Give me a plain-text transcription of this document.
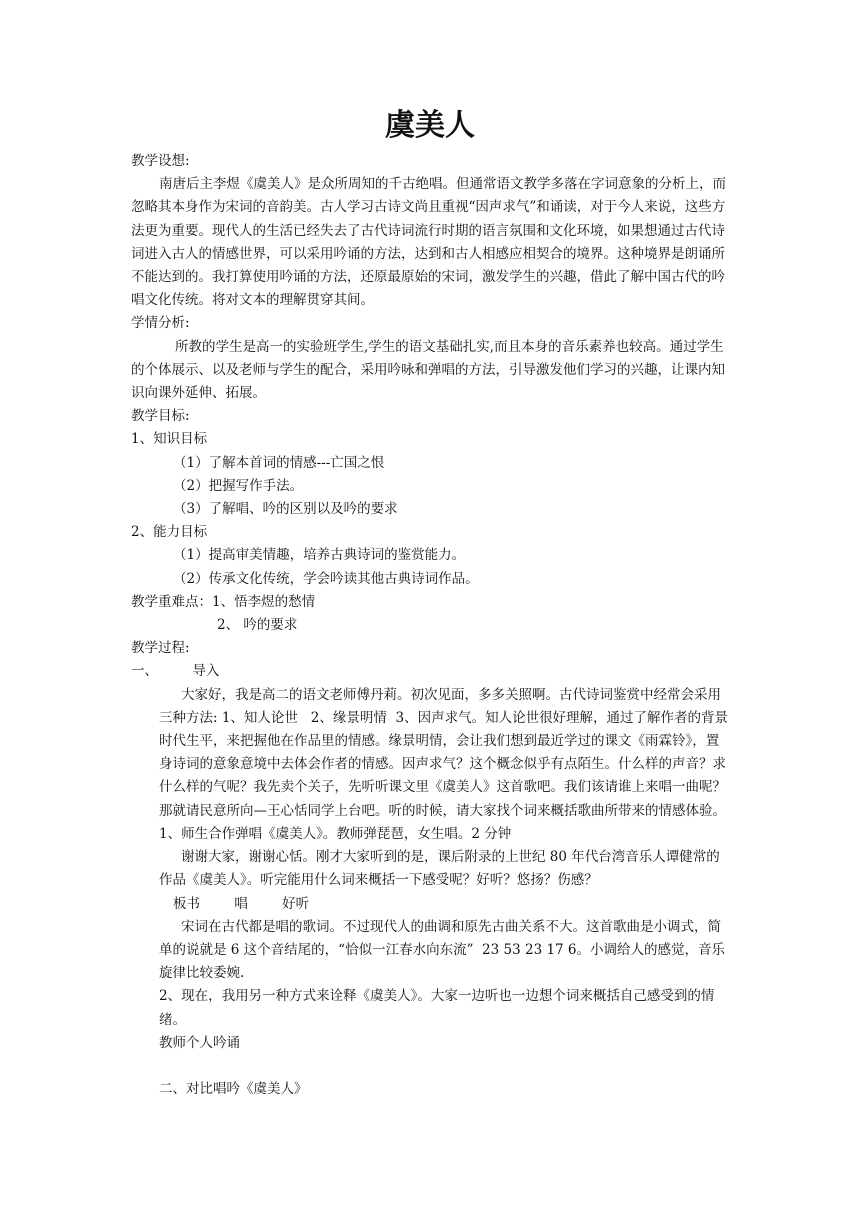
虞美人

教学设想:

南唐后主李煜《虞美人》是众所周知的千古绝唱。但通常语文教学多落在字词意象的分析上，而忽略其本身作为宋词的音韵美。古人学习古诗文尚且重视“因声求气”和诵读，对于今人来说，这些方法更为重要。现代人的生活已经失去了古代诗词流行时期的语言氛围和文化环境，如果想通过古代诗词进入古人的情感世界，可以采用吟诵的方法，达到和古人相感应相契合的境界。这种境界是朗诵所不能达到的。我打算使用吟诵的方法，还原最原始的宋词，激发学生的兴趣，借此了解中国古代的吟唱文化传统。将对文本的理解贯穿其间。

学情分析:

所教的学生是高一的实验班学生,学生的语文基础扎实,而且本身的音乐素养也较高。通过学生的个体展示、以及老师与学生的配合，采用吟咏和弹唱的方法，引导激发他们学习的兴趣，让课内知识向课外延伸、拓展。

教学目标:

1、知识目标

（1）了解本首词的情感---亡国之恨

（2）把握写作手法。

（3）了解唱、吟的区别以及吟的要求

2、能力目标

（1）提高审美情趣，培养古典诗词的鉴赏能力。

（2）传承文化传统，学会吟读其他古典诗词作品。

教学重难点：1、悟李煜的愁情

2、 吟的要求

教学过程:

一、        导入

大家好，我是高二的语文老师傅丹莉。初次见面，多多关照啊。古代诗词鉴赏中经常会采用三种方法: 1、知人论世   2、缘景明情  3、因声求气。知人论世很好理解，通过了解作者的背景时代生平，来把握他在作品里的情感。缘景明情，会让我们想到最近学过的课文《雨霖铃》，置身诗词的意象意境中去体会作者的情感。因声求气？这个概念似乎有点陌生。什么样的声音？求什么样的气呢？我先卖个关子，先听听课文里《虞美人》这首歌吧。我们该请谁上来唱一曲呢？那就请民意所向—王心恬同学上台吧。听的时候，请大家找个词来概括歌曲所带来的情感体验。

1、师生合作弹唱《虞美人》。教师弹琵琶，女生唱。2 分钟

谢谢大家，谢谢心恬。刚才大家听到的是，课后附录的上世纪 80 年代台湾音乐人谭健常的作品《虞美人》。听完能用什么词来概括一下感受呢？好听？悠扬？伤感？

板书        唱        好听

宋词在古代都是唱的歌词。不过现代人的曲调和原先古曲关系不大。这首歌曲是小调式，简单的说就是 6 这个音结尾的，“恰似一江春水向东流”  23 53 23 17 6。小调给人的感觉，音乐旋律比较委婉.

2、现在，我用另一种方式来诠释《虞美人》。大家一边听也一边想个词来概括自己感受到的情绪。

教师个人吟诵

二、对比唱吟《虞美人》
